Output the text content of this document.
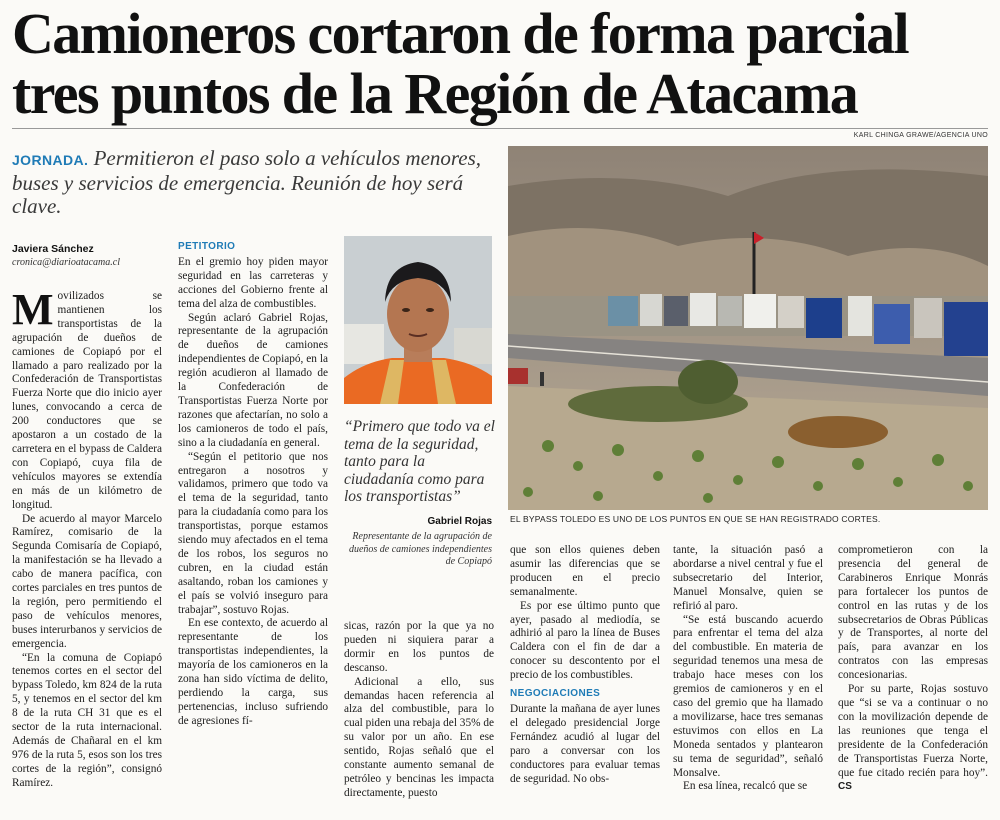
Camioneros cortaron de forma parcial
tres puntos de la Región de Atacama
KARL CHINGA GRAWE/AGENCIA UNO

JORNADA. Permitieron el paso solo a vehículos menores, buses y servicios de emergencia. Reunión de hoy será clave.

Javiera Sánchez
cronica@diarioatacama.cl

Movilizados se mantienen los transportistas de la agrupación de dueños de camiones de Copiapó por el llamado a paro realizado por la Confederación de Transportistas Fuerza Norte que dio inicio ayer lunes, convocando a cerca de 200 conductores que se apostaron a un costado de la carretera en el bypass de Caldera con Copiapó, cuya fila de vehículos mayores se extendía en más de un kilómetro de longitud.

De acuerdo al mayor Marcelo Ramírez, comisario de la Segunda Comisaría de Copiapó, la manifestación se ha llevado a cabo de manera pacífica, con cortes parciales en tres puntos de la región, pero permitiendo el paso de vehículos menores, buses interurbanos y servicios de emergencia.

“En la comuna de Copiapó tenemos cortes en el sector del bypass Toledo, km 824 de la ruta 5, y tenemos en el sector del km 8 de la ruta CH 31 que es el sector de la ruta internacional. Además de Chañaral en el km 976 de la ruta 5, esos son los tres cortes de la región”, consignó Ramírez.

PETITORIO

En el gremio hoy piden mayor seguridad en las carreteras y acciones del Gobierno frente al tema del alza de combustibles.

Según aclaró Gabriel Rojas, representante de la agrupación de dueños de camiones independientes de Copiapó, en la región acudieron al llamado de la Confederación de Transportistas Fuerza Norte por razones que afectarían, no solo a los camioneros de todo el país, sino a la ciudadanía en general.

“Según el petitorio que nos entregaron a nosotros y validamos, primero que todo va el tema de la seguridad, tanto para la ciudadanía como para los transportistas, porque estamos siendo muy afectados en el tema de los robos, los seguros no cubren, en la ciudad están asaltando, roban los camiones y el país se volvió inseguro para trabajar”, sostuvo Rojas.

En ese contexto, de acuerdo al representante de los transportistas independientes, la mayoría de los camioneros en la zona han sido víctima de delito, perdiendo la carga, sus pertenencias, incluso sufriendo de agresiones fí-

“Primero que todo va el tema de la seguridad, tanto para la ciudadanía como para los transportistas”

Gabriel Rojas
Representante de la agrupación de dueños de camiones independientes de Copiapó

sicas, razón por la que ya no pueden ni siquiera parar a dormir en los puntos de descanso.

Adicional a ello, sus demandas hacen referencia al alza del combustible, para lo cual piden una rebaja del 35% de su valor por un año. En ese sentido, Rojas señaló que el constante aumento semanal de petróleo y bencinas les impacta directamente, puesto

EL BYPASS TOLEDO ES UNO DE LOS PUNTOS EN QUE SE HAN REGISTRADO CORTES.

que son ellos quienes deben asumir las diferencias que se producen en el precio semanalmente.

Es por ese último punto que ayer, pasado al mediodía, se adhirió al paro la línea de Buses Caldera con el fin de dar a conocer su descontento por el precio de los combustibles.

NEGOCIACIONES

Durante la mañana de ayer lunes el delegado presidencial Jorge Fernández acudió al lugar del paro a conversar con los conductores para evaluar temas de seguridad. No obs-

tante, la situación pasó a abordarse a nivel central y fue el subsecretario del Interior, Manuel Monsalve, quien se refirió al paro.

“Se está buscando acuerdo para enfrentar el tema del alza del combustible. En materia de seguridad tenemos una mesa de trabajo hace meses con los gremios de camioneros y en el caso del gremio que ha llamado a movilizarse, hace tres semanas estuvimos con ellos en La Moneda sentados y plantearon su tema de seguridad”, señaló Monsalve.

En esa línea, recalcó que se

comprometieron con la presencia del general de Carabineros Enrique Monrás para fortalecer los puntos de control en las rutas y de los subsecretarios de Obras Públicas y de Transportes, al norte del país, para avanzar en los contratos con las empresas concesionarias.

Por su parte, Rojas sostuvo que “si se va a continuar o no con la movilización depende de las reuniones que tenga el presidente de la Confederación de Transportistas Fuerza Norte, que fue citado recién para hoy”. CS
